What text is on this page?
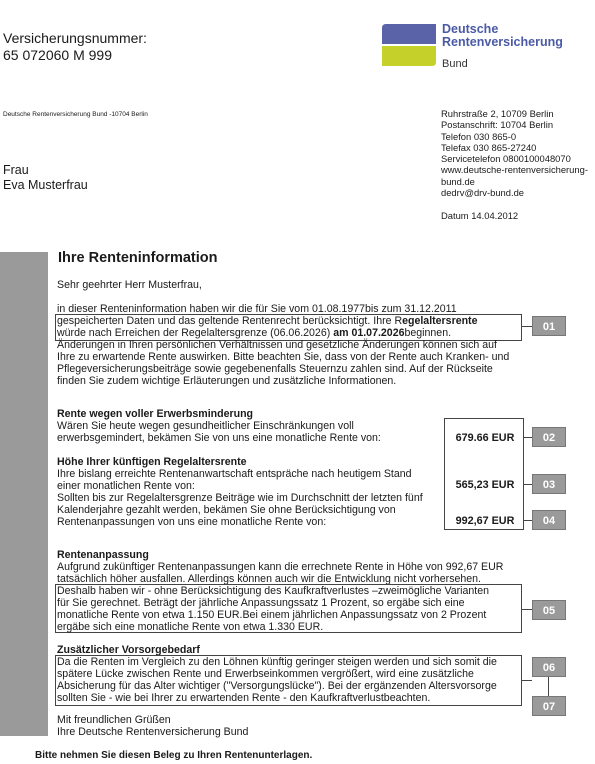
Versicherungsnummer:
65 072060 M 999
Deutsche
Rentenversicherung
Bund
Deutsche Rentenversicherung Bund -10704 Berlin	Ruhrstraße 2, 10709 Berlin
Postanschrift: 10704 Berlin
Telefon 030 865-0
Telefax 030 865-27240
Servicetelefon 0800100048070
www.deutsche-rentenversicherung-
bund.de
dedrv@drv-bund.de
Datum 14.04.2012
Frau
Eva Musterfrau
Ihre Renteninformation
Sehr geehrter Herr Musterfrau,
in dieser Renteninformation haben wir die für Sie vom 01.08.1977bis zum 31.12.2011
gespeicherten Daten und das geltende Rentenrecht berücksichtigt. Ihre Regelaltersrente
würde nach Erreichen der Regelaltersgrenze (06.06.2026) am 01.07.2026beginnen.
Änderungen in Ihren persönlichen Verhältnissen und gesetzliche Änderungen können sich auf
Ihre zu erwartende Rente auswirken. Bitte beachten Sie, dass von der Rente auch Kranken- und
Pflegeversicherungsbeiträge sowie gegebenenfalls Steuernzu zahlen sind. Auf der Rückseite
finden Sie zudem wichtige Erläuterungen und zusätzliche Informationen.
Rente wegen voller Erwerbsminderung
Wären Sie heute wegen gesundheitlicher Einschränkungen voll
erwerbsgemindert, bekämen Sie von uns eine monatliche Rente von:
Höhe Ihrer künftigen Regelaltersrente
Ihre bislang erreichte Rentenanwartschaft entspräche nach heutigem Stand
einer monatlichen Rente von:
Sollten bis zur Regelaltersgrenze Beiträge wie im Durchschnitt der letzten fünf
Kalenderjahre gezahlt werden, bekämen Sie ohne Berücksichtigung von
Rentenanpassungen von uns eine monatliche Rente von:
679.66 EUR
565,23 EUR
992,67 EUR
Rentenanpassung
Aufgrund zukünftiger Rentenanpassungen kann die errechnete Rente in Höhe von 992,67 EUR
tatsächlich höher ausfallen. Allerdings können auch wir die Entwicklung nicht vorhersehen.
Deshalb haben wir - ohne Berücksichtigung des Kaufkraftverlustes –zweimögliche Varianten
für Sie gerechnet. Beträgt der jährliche Anpassungssatz 1 Prozent, so ergäbe sich eine
monatliche Rente von etwa 1.150 EUR.Bei einem jährlichen Anpassungssatz von 2 Prozent
ergäbe sich eine monatliche Rente von etwa 1.330 EUR.
Zusätzlicher Vorsorgebedarf
Da die Renten im Vergleich zu den Löhnen künftig geringer steigen werden und sich somit die
spätere Lücke zwischen Rente und Erwerbseinkommen vergrößert, wird eine zusätzliche
Absicherung für das Alter wichtiger ("Versorgungslücke"). Bei der ergänzenden Altersvorsorge
sollten Sie - wie bei Ihrer zu erwartenden Rente - den Kaufkraftverlustbeachten.
Mit freundlichen Grüßen
Ihre Deutsche Rentenversicherung Bund
01
02
03
04
05
06
07
Bitte nehmen Sie diesen Beleg zu Ihren Rentenunterlagen.
